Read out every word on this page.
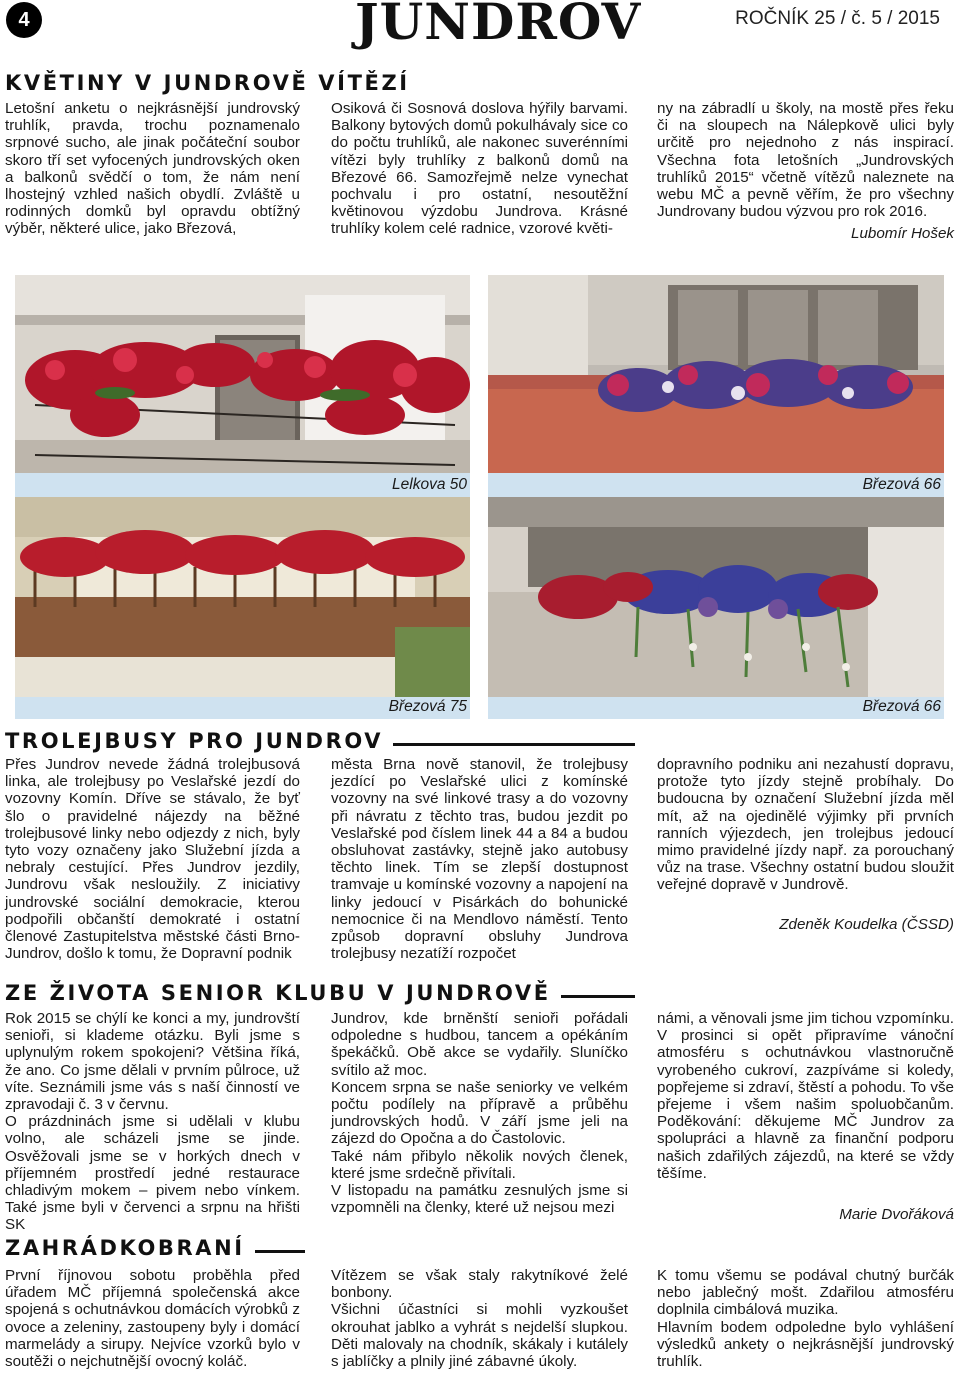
4	JUNDROV	ROČNÍK 25 / č. 5 / 2015
KVĚTINY V JUNDROVĚ VÍTĚZÍ
Letošní anketu o nejkrásnější jundrovský truhlík, pravda, trochu poznamenalo srpnové sucho, ale jinak počáteční soubor skoro tří set vyfocených jundrovských oken a balkonů svědčí o tom, že nám není lhostejný vzhled našich obydlí. Zvláště u rodinných domků byl opravdu obtížný výběr, některé ulice, jako Březová,
Osiková či Sosnová doslova hýřily barvami. Balkony bytových domů pokulhávaly sice co do počtu truhlíků, ale nakonec suverénními vítězi byly truhlíky z balkonů domů na Březové 66. Samozřejmě nelze vynechat pochvalu i pro ostatní, nesoutěžní květinovou výzdobu Jundrova. Krásné truhlíky kolem celé radnice, vzorové květi-

ny na zábradlí u školy, na mostě přes řeku či na sloupech na Nálepkově ulici byly určitě pro nejednoho z nás inspirací. Všechna fota letošních „Jundrovských truhlíků 2015“ včetně vítězů naleznete na webu MČ a pevně věřím, že pro všechny Jundrovany budou výzvou pro rok 2016.

Lubomír Hošek

Lelkova 50	Březová 66
Březová 75	Březová 66
TROLEJBUSY PRO JUNDROV
Přes Jundrov nevede žádná trolejbusová linka, ale trolejbusy po Veslařské jezdí do vozovny Komín. Dříve se stávalo, že byť šlo o pravidelné nájezdy na běžné trolejbusové linky nebo odjezdy z nich, byly tyto vozy označeny jako Služební jízda a nebraly cestující. Přes Jundrov jezdily, Jundrovu však nesloužily. Z iniciativy jundrovské sociální demokracie, kterou podpořili občanští demokraté i ostatní členové Zastupitelstva městské části Brno-Jundrov, došlo k tomu, že Dopravní podnik
města Brna nově stanovil, že trolejbusy jezdící po Veslařské ulici z komínské vozovny na své linkové trasy a do vozovny při návratu z těchto tras, budou jezdit po Veslařské pod číslem linek 44 a 84 a budou obsluhovat zastávky, stejně jako autobusy těchto linek. Tím se zlepší dostupnost tramvaje u komínské vozovny a napojení na linky jedoucí v Pisárkách do bohunické nemocnice či na Mendlovo náměstí. Tento způsob dopravní obsluhy Jundrova trolejbusy nezatíží rozpočet

dopravního podniku ani nezahustí dopravu, protože tyto jízdy stejně probíhaly. Do budoucna by označení Služební jízda měl mít, až na ojedinělé výjimky při prvních ranních výjezdech, jen trolejbus jedoucí mimo pravidelné jízdy např. za porouchaný vůz na trase. Všechny ostatní budou sloužit veřejné dopravě v Jundrově.

Zdeněk Koudelka (ČSSD)

ZE ŽIVOTA SENIOR KLUBU V JUNDROVĚ

Rok 2015 se chýlí ke konci a my, jundrovští senioři, si klademe otázku. Byli jsme s uplynulým rokem spokojeni? Většina říká, že ano. Co jsme dělali v prvním půlroce, už víte. Seznámili jsme vás s naší činností ve zpravodaji č. 3 v červnu.

O prázdninách jsme si udělali v klubu volno, ale scházeli jsme se jinde. Osvěžovali jsme se v horkých dnech v příjemném prostředí jedné restaurace chladivým mokem – pivem nebo vínkem. Také jsme byli v červenci a srpnu na hřišti SK

Jundrov, kde brněnští senioři pořádali odpoledne s hudbou, tancem a opékáním špekáčků. Obě akce se vydařily. Sluníčko svítilo až moc.

Koncem srpna se naše seniorky ve velkém počtu podílely na přípravě a průběhu jundrovských hodů. V září jsme jeli na zájezd do Opočna a do Častolovic.

Také nám přibylo několik nových členek, které jsme srdečně přivítali.

V listopadu na památku zesnulých jsme si vzpomněli na členky, které už nejsou mezi

námi, a věnovali jsme jim tichou vzpomínku. V prosinci si opět připravíme vánoční atmosféru s ochutnávkou vlastnoručně vyrobeného cukroví, zazpíváme si koledy, popřejeme si zdraví, štěstí a pohodu. To vše přejeme i všem našim spoluobčanům. Poděkování: děkujeme MČ Jundrov za spolupráci a hlavně za finanční podporu našich zdařilých zájezdů, na které se vždy těšíme.

Marie Dvořáková

ZAHRÁDKOBRANÍ
První říjnovou sobotu proběhla před úřadem MČ příjemná společenská akce spojená s ochutnávkou domácích výrobků z ovoce a zeleniny, zastoupeny byly i domácí marmelády a sirupy. Nejvíce vzorků bylo v soutěži o nejchutnější ovocný koláč.

Vítězem se však staly rakytníkové želé bonbony.

Všichni účastníci si mohli vyzkoušet okrouhat jablko a vyhrát s nejdelší slupkou. Děti malovaly na chodník, skákaly i kutálely s jablíčky a plnily jiné zábavné úkoly.

K tomu všemu se podával chutný burčák nebo jablečný mošt. Zdařilou atmosféru doplnila cimbálová muzika.

Hlavním bodem odpoledne bylo vyhlášení výsledků ankety o nejkrásnější jundrovský truhlík.
